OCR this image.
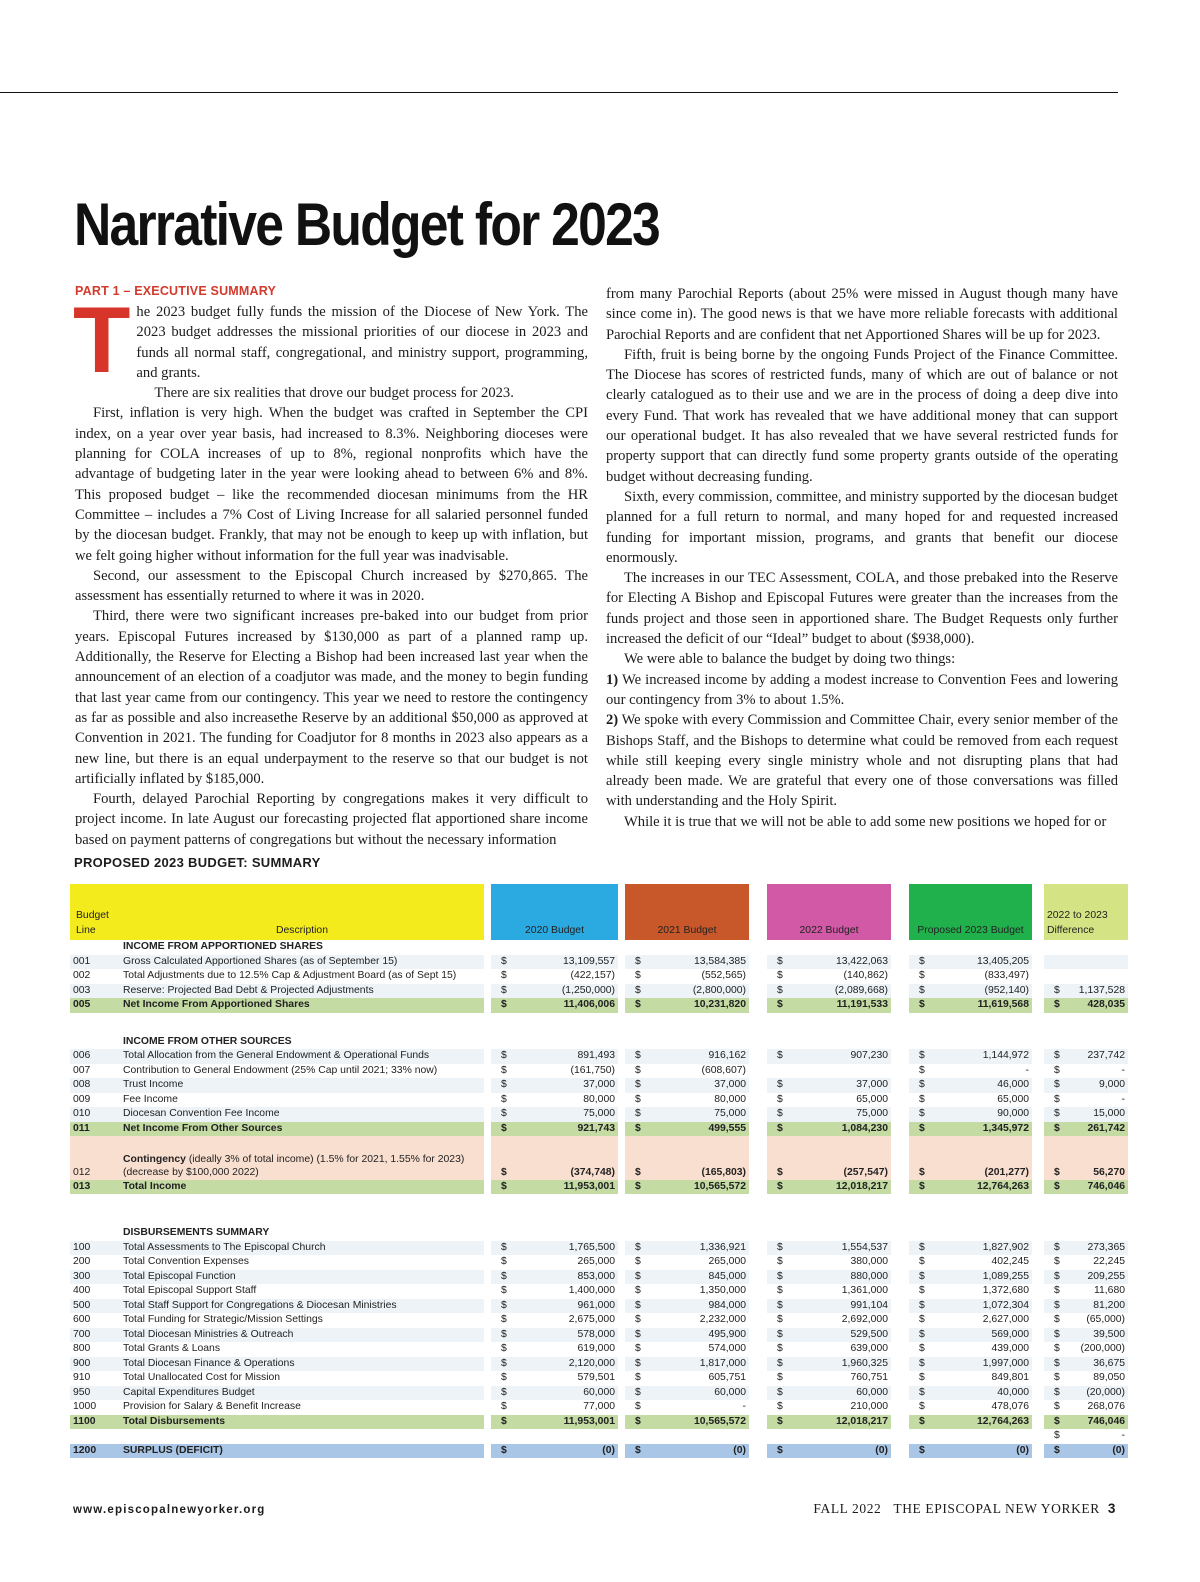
Narrative Budget for 2023
PART 1 – EXECUTIVE SUMMARY
T he 2023 budget fully funds the mission of the Diocese of New York. The 2023 budget addresses the missional priorities of our diocese in 2023 and funds all normal staff, congregational, and ministry support, programming, and grants.

There are six realities that drove our budget process for 2023.

First, inflation is very high. When the budget was crafted in September the CPI index, on a year over year basis, had increased to 8.3%. Neighboring dioceses were planning for COLA increases of up to 8%, regional nonprofits which have the advantage of budgeting later in the year were looking ahead to between 6% and 8%. This proposed budget – like the recommended diocesan minimums from the HR Committee – includes a 7% Cost of Living Increase for all salaried personnel funded by the diocesan budget. Frankly, that may not be enough to keep up with inflation, but we felt going higher without information for the full year was inadvisable.

Second, our assessment to the Episcopal Church increased by $270,865. The assessment has essentially returned to where it was in 2020.

Third, there were two significant increases pre-baked into our budget from prior years. Episcopal Futures increased by $130,000 as part of a planned ramp up. Additionally, the Reserve for Electing a Bishop had been increased last year when the announcement of an election of a coadjutor was made, and the money to begin funding that last year came from our contingency. This year we need to restore the contingency as far as possible and also increasethe Reserve by an additional $50,000 as approved at Convention in 2021. The funding for Coadjutor for 8 months in 2023 also appears as a new line, but there is an equal underpayment to the reserve so that our budget is not artificially inflated by $185,000.

Fourth, delayed Parochial Reporting by congregations makes it very difficult to project income. In late August our forecasting projected flat apportioned share income based on payment patterns of congregations but without the necessary information

from many Parochial Reports (about 25% were missed in August though many have since come in). The good news is that we have more reliable forecasts with additional Parochial Reports and are confident that net Apportioned Shares will be up for 2023.

Fifth, fruit is being borne by the ongoing Funds Project of the Finance Committee. The Diocese has scores of restricted funds, many of which are out of balance or not clearly catalogued as to their use and we are in the process of doing a deep dive into every Fund. That work has revealed that we have additional money that can support our operational budget. It has also revealed that we have several restricted funds for property support that can directly fund some property grants outside of the operating budget without decreasing funding.

Sixth, every commission, committee, and ministry supported by the diocesan budget planned for a full return to normal, and many hoped for and requested increased funding for important mission, programs, and grants that benefit our diocese enormously.

The increases in our TEC Assessment, COLA, and those prebaked into the Reserve for Electing A Bishop and Episcopal Futures were greater than the increases from the funds project and those seen in apportioned share. The Budget Requests only further increased the deficit of our “Ideal” budget to about ($938,000).

We were able to balance the budget by doing two things:

1) We increased income by adding a modest increase to Convention Fees and lowering our contingency from 3% to about 1.5%.

2) We spoke with every Commission and Committee Chair, every senior member of the Bishops Staff, and the Bishops to determine what could be removed from each request while still keeping every single ministry whole and not disrupting plans that had already been made. We are grateful that every one of those conversations was filled with understanding and the Holy Spirit.

While it is true that we will not be able to add some new positions we hoped for or

PROPOSED 2023 BUDGET: SUMMARY
Budget Line	Description		2020 Budget			2021 Budget			2022 Budget			Proposed 2023 Budget			2022 to 2023 Difference	
	INCOME FROM APPORTIONED SHARES															
001	Gross Calculated Apportioned Shares (as of September 15)		$	13,109,557		$	13,584,385		$	13,422,063		$	13,405,205			
002	Total Adjustments due to 12.5% Cap & Adjustment Board (as of Sept 15)		$	(422,157)		$	(552,565)		$	(140,862)		$	(833,497)			
003	Reserve: Projected Bad Debt & Projected Adjustments		$	(1,250,000)		$	(2,800,000)		$	(2,089,668)		$	(952,140)		$	1,137,528
005	Net Income From Apportioned Shares		$	11,406,006		$	10,231,820		$	11,191,533		$	11,619,568		$	428,035

	INCOME FROM OTHER SOURCES															
006	Total Allocation from the General Endowment & Operational Funds		$	891,493		$	916,162		$	907,230		$	1,144,972		$	237,742
007	Contribution to General Endowment (25% Cap until 2021; 33% now)		$	(161,750)		$	(608,607)					$	-		$	-
008	Trust Income		$	37,000		$	37,000		$	37,000		$	46,000		$	9,000
009	Fee Income		$	80,000		$	80,000		$	65,000		$	65,000		$	-
010	Diocesan Convention Fee Income		$	75,000		$	75,000		$	75,000		$	90,000		$	15,000
011	Net Income From Other Sources		$	921,743		$	499,555		$	1,084,230		$	1,345,972		$	261,742

012	Contingency (ideally 3% of total income) (1.5% for 2021, 1.55% for 2023) (decrease by $100,000 2022)		$	(374,748)		$	(165,803)		$	(257,547)		$	(201,277)		$	56,270
013	Total Income		$	11,953,001		$	10,565,572		$	12,018,217		$	12,764,263		$	746,046

	DISBURSEMENTS SUMMARY															
100	Total Assessments to The Episcopal Church		$	1,765,500		$	1,336,921		$	1,554,537		$	1,827,902		$	273,365
200	Total Convention Expenses		$	265,000		$	265,000		$	380,000		$	402,245		$	22,245
300	Total Episcopal Function		$	853,000		$	845,000		$	880,000		$	1,089,255		$	209,255
400	Total Episcopal Support Staff		$	1,400,000		$	1,350,000		$	1,361,000		$	1,372,680		$	11,680
500	Total Staff Support for Congregations & Diocesan Ministries		$	961,000		$	984,000		$	991,104		$	1,072,304		$	81,200
600	Total Funding for Strategic/Mission Settings		$	2,675,000		$	2,232,000		$	2,692,000		$	2,627,000		$	(65,000)
700	Total Diocesan Ministries & Outreach		$	578,000		$	495,900		$	529,500		$	569,000		$	39,500
800	Total Grants & Loans		$	619,000		$	574,000		$	639,000		$	439,000		$	(200,000)
900	Total Diocesan Finance & Operations		$	2,120,000		$	1,817,000		$	1,960,325		$	1,997,000		$	36,675
910	Total Unallocated Cost for Mission		$	579,501		$	605,751		$	760,751		$	849,801		$	89,050
950	Capital Expenditures Budget		$	60,000		$	60,000		$	60,000		$	40,000		$	(20,000)
1000	Provision for Salary & Benefit Increase		$	77,000		$	-		$	210,000		$	478,076		$	268,076
1100	Total Disbursements		$	11,953,001		$	10,565,572		$	12,018,217		$	12,764,263		$	746,046
															$	-
1200	SURPLUS (DEFICIT)		$	(0)		$	(0)		$	(0)		$	(0)		$	(0)
www.episcopalnewyorker.org	FALL 2022 THE EPISCOPAL NEW YORKER 3
